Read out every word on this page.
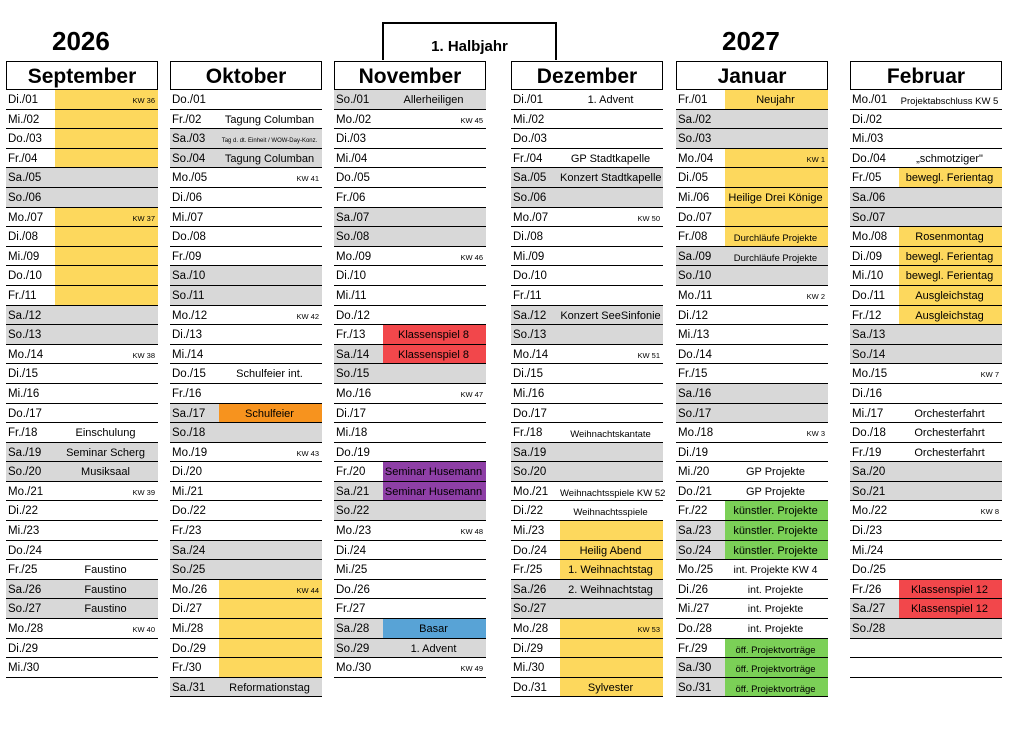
2026	1. Halbjahr	2027
September
Di./01	KW 36
Mi./02
Do./03
Fr./04
Sa./05
So./06
Mo./07	KW 37
Di./08
Mi./09
Do./10
Fr./11
Sa./12
So./13
Mo./14	KW 38
Di./15
Mi./16
Do./17
Fr./18	Einschulung
Sa./19	Seminar Scherg
So./20	Musiksaal
Mo./21	KW 39
Di./22
Mi./23
Do./24
Fr./25	Faustino
Sa./26	Faustino
So./27	Faustino
Mo./28	KW 40
Di./29
Mi./30
Oktober
Do./01
Fr./02	Tagung Columban
Sa./03	Tag d. dt. Einheit / WOW-Day-Konz.
So./04	Tagung Columban
Mo./05	KW 41
Di./06
Mi./07
Do./08
Fr./09
Sa./10
So./11
Mo./12	KW 42
Di./13
Mi./14
Do./15	Schulfeier int.
Fr./16
Sa./17	Schulfeier
So./18
Mo./19	KW 43
Di./20
Mi./21
Do./22
Fr./23
Sa./24
So./25
Mo./26	KW 44
Di./27
Mi./28
Do./29
Fr./30
Sa./31	Reformationstag
November
So./01	Allerheiligen
Mo./02	KW 45
Di./03
Mi./04
Do./05
Fr./06
Sa./07
So./08
Mo./09	KW 46
Di./10
Mi./11
Do./12
Fr./13	Klassenspiel 8
Sa./14	Klassenspiel 8
So./15
Mo./16	KW 47
Di./17
Mi./18
Do./19
Fr./20 Seminar Husemann
Sa./21 Seminar Husemann
So./22
Mo./23	KW 48
Di./24
Mi./25
Do./26
Fr./27
Sa./28	Basar
So./29	1. Advent
Mo./30	KW 49
Dezember
Di./01	1. Advent
Mi./02
Do./03
Fr./04	GP Stadtkapelle
Sa./05 Konzert Stadtkapelle
So./06
Mo./07	KW 50
Di./08
Mi./09
Do./10
Fr./11
Sa./12 Konzert SeeSinfonie
So./13
Mo./14	KW 51
Di./15
Mi./16
Do./17
Fr./18	Weihnachtskantate
Sa./19
So./20
Mo./21 Weihnachtsspiele KW 52
Di./22	Weihnachtsspiele
Mi./23
Do./24	Heilig Abend
Fr./25	1. Weihnachtstag
Sa./26	2. Weihnachtstag
So./27
Mo./28	KW 53
Di./29
Mi./30
Do./31	Sylvester
Januar
Fr./01	Neujahr
Sa./02
So./03
Mo./04	KW 1
Di./05
Mi./06	Heilige Drei Könige
Do./07
Fr./08	Durchläufe Projekte
Sa./09	Durchläufe Projekte
So./10
Mo./11	KW 2
Di./12
Mi./13
Do./14
Fr./15
Sa./16
So./17
Mo./18	KW 3
Di./19
Mi./20	GP Projekte
Do./21	GP Projekte
Fr./22	künstler. Projekte
Sa./23	künstler. Projekte
So./24	künstler. Projekte
Mo./25	int. Projekte KW 4
Di./26	int. Projekte
Mi./27	int. Projekte
Do./28	int. Projekte
Fr./29	öff. Projektvorträge
Sa./30	öff. Projektvorträge
So./31	öff. Projektvorträge
Februar
Mo./01 Projektabschluss KW 5
Di./02
Mi./03
Do./04	„schmotziger"
Fr./05	bewegl. Ferientag
Sa./06
So./07
Mo./08	Rosenmontag
Di./09	bewegl. Ferientag
Mi./10	bewegl. Ferientag
Do./11	Ausgleichstag
Fr./12	Ausgleichstag
Sa./13
So./14
Mo./15	KW 7
Di./16
Mi./17	Orchesterfahrt
Do./18	Orchesterfahrt
Fr./19	Orchesterfahrt
Sa./20
So./21
Mo./22	KW 8
Di./23
Mi./24
Do./25
Fr./26	Klassenspiel 12
Sa./27	Klassenspiel 12
So./28
